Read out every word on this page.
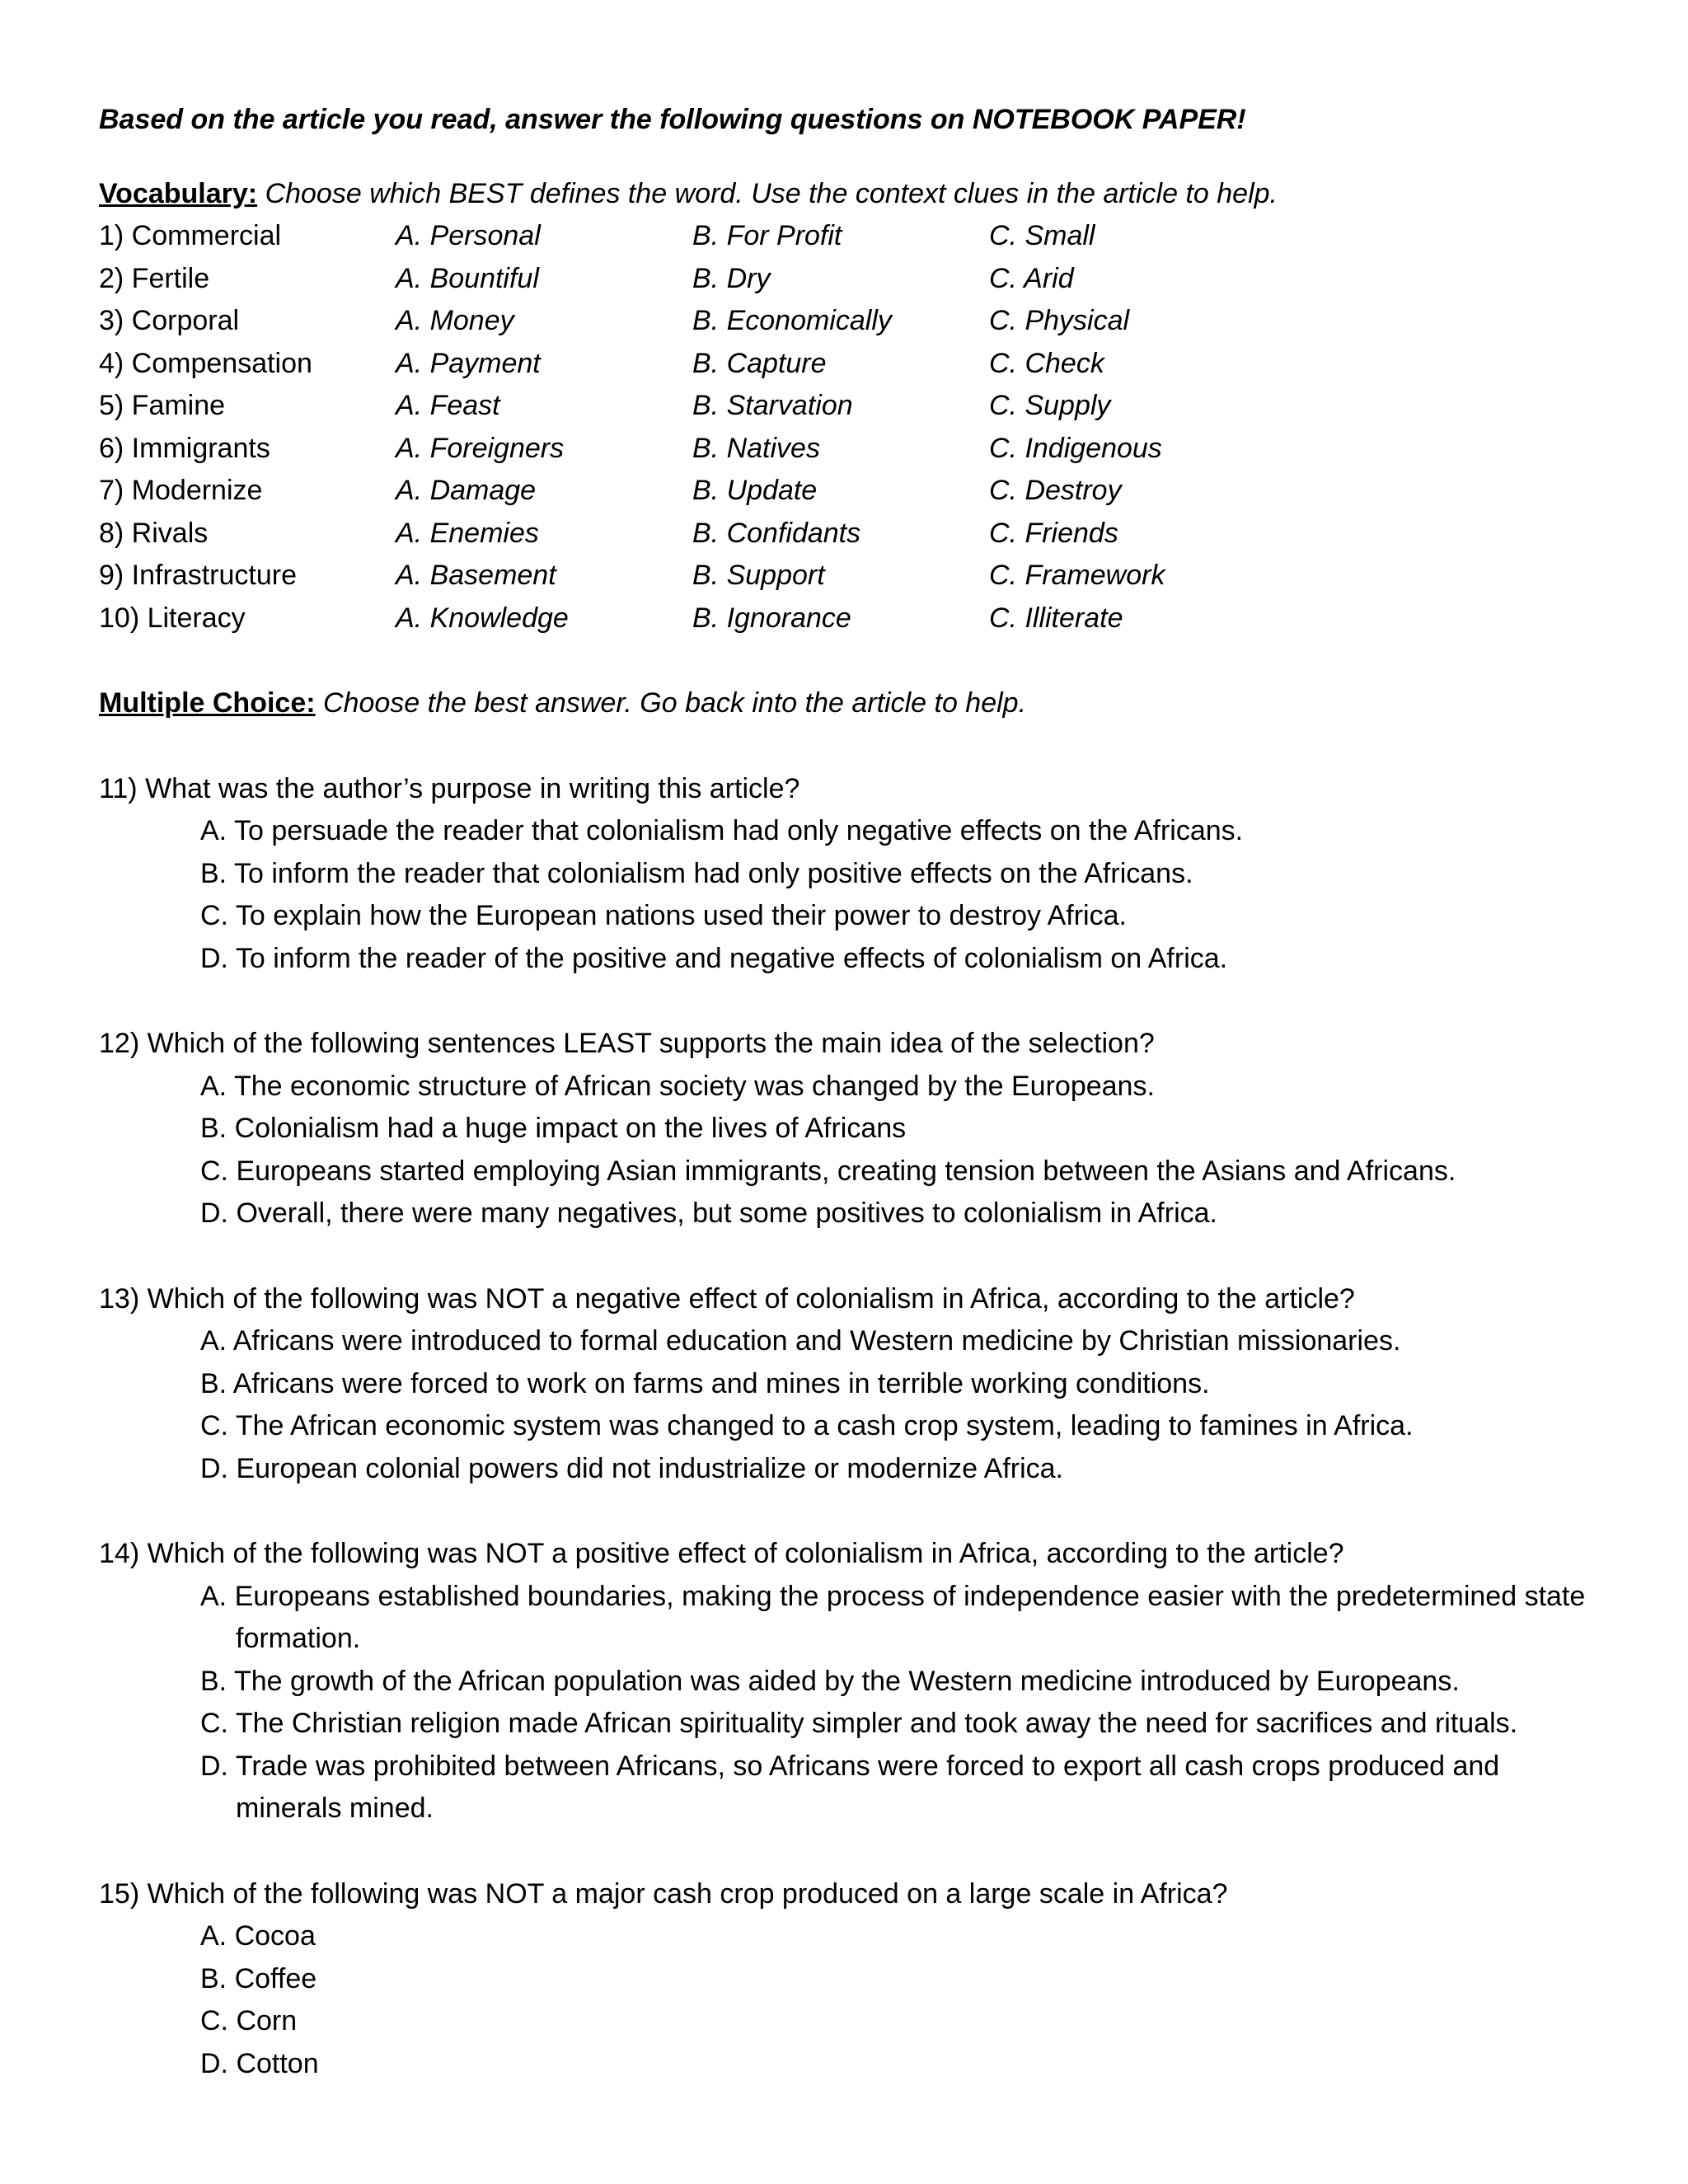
Based on the article you read, answer the following questions on NOTEBOOK PAPER!

Vocabulary: Choose which BEST defines the word. Use the context clues in the article to help.
1) Commercial	A. Personal	B. For Profit	C. Small
2) Fertile	A. Bountiful	B. Dry	C. Arid
3) Corporal	A. Money	B. Economically	C. Physical
4) Compensation	A. Payment	B. Capture	C. Check
5) Famine	A. Feast	B. Starvation	C. Supply
6) Immigrants	A. Foreigners	B. Natives	C. Indigenous
7) Modernize	A. Damage	B. Update	C. Destroy
8) Rivals	A. Enemies	B. Confidants	C. Friends
9) Infrastructure	A. Basement	B. Support	C. Framework
10) Literacy	A. Knowledge	B. Ignorance	C. Illiterate
Multiple Choice: Choose the best answer. Go back into the article to help.
11) What was the author’s purpose in writing this article?
A. To persuade the reader that colonialism had only negative effects on the Africans.
B. To inform the reader that colonialism had only positive effects on the Africans.
C. To explain how the European nations used their power to destroy Africa.
D. To inform the reader of the positive and negative effects of colonialism on Africa.
12) Which of the following sentences LEAST supports the main idea of the selection?
A. The economic structure of African society was changed by the Europeans.
B. Colonialism had a huge impact on the lives of Africans
C. Europeans started employing Asian immigrants, creating tension between the Asians and Africans.
D. Overall, there were many negatives, but some positives to colonialism in Africa.
13) Which of the following was NOT a negative effect of colonialism in Africa, according to the article?
A. Africans were introduced to formal education and Western medicine by Christian missionaries.
B. Africans were forced to work on farms and mines in terrible working conditions.
C. The African economic system was changed to a cash crop system, leading to famines in Africa.
D. European colonial powers did not industrialize or modernize Africa.
14) Which of the following was NOT a positive effect of colonialism in Africa, according to the article?
A. Europeans established boundaries, making the process of independence easier with the predetermined state
formation.
B. The growth of the African population was aided by the Western medicine introduced by Europeans.
C. The Christian religion made African spirituality simpler and took away the need for sacrifices and rituals.
D. Trade was prohibited between Africans, so Africans were forced to export all cash crops produced and
minerals mined.
15) Which of the following was NOT a major cash crop produced on a large scale in Africa?
A. Cocoa
B. Coffee
C. Corn
D. Cotton
